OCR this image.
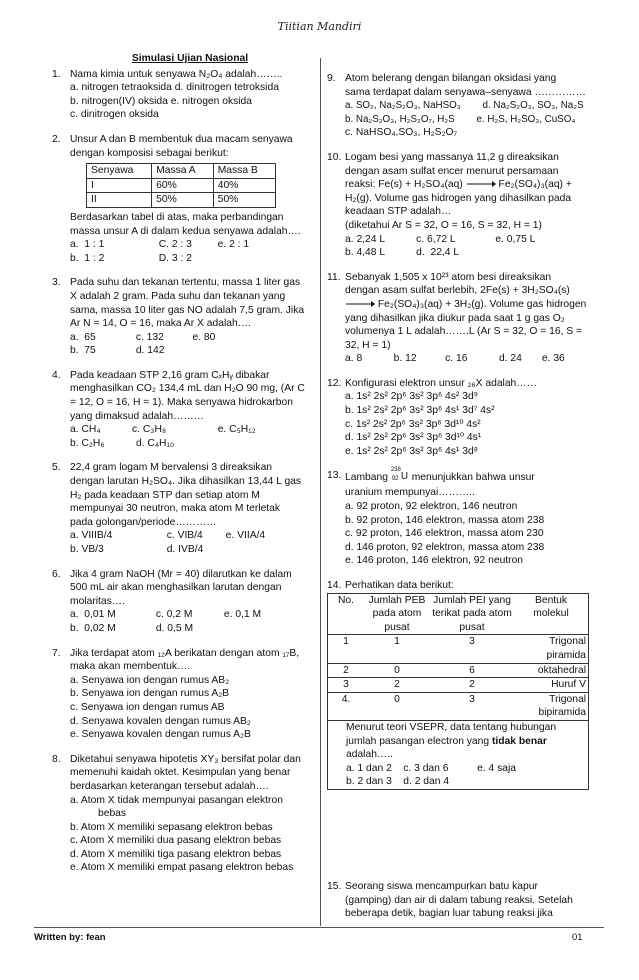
Tiitian Mandiri
Simulasi Ujian Nasional
1. Nama kimia untuk senyawa N₂O₄ adalah……..
a. nitrogen tetraoksida d. dinitrogen tetroksida
b. nitrogen(IV) oksida e. nitrogen oksida
c. dinitrogen oksida
2. Unsur A dan B membentuk dua macam senyawa
dengan komposisi sebagai berikut:
Senyawa	Massa A	Massa B
I	60%	40%
II	50%	50%
Berdasarkan tabel di atas, maka perbandingan
massa unsur A di dalam kedua senyawa adalah….
a.  1 : 1                   C. 2 : 3         e. 2 : 1
b.  1 : 2                   D. 3 : 2
3. Pada suhu dan tekanan tertentu, massa 1 liter gas
X adalah 2 gram. Pada suhu dan tekanan yang
sama, massa 10 liter gas NO adalah 7,5 gram. Jika
Ar N = 14, O = 16, maka Ar X adalah….
a.  65              c. 132          e. 80
b.  75              d. 142
4. Pada keadaan STP 2,16 gram CₓHᵧ dibakar
menghasilkan CO₂ 134,4 mL dan H₂O 90 mg, (Ar C
= 12, O = 16, H = 1). Maka senyawa hidrokarbon
yang dimaksud adalah………
a. CH₄           c. C₃H₈                  e. C₅H₁₂
b. C₂H₆           d. C₄H₁₀
5. 22,4 gram logam M bervalensi 3 direaksikan
dengan larutan H₂SO₄. Jika dihasilkan 13,44 L gas
H₂ pada keadaan STP dan setiap atom M
mempunyai 30 neutron, maka atom M terletak
pada golongan/periode…………
a. VIIIB/4                   c. VIB/4        e. VIIA/4
b. VB/3                      d. IVB/4
6. Jika 4 gram NaOH (Mr = 40) dilarutkan ke dalam
500 mL air akan menghasilkan larutan dengan
molaritas….
a.  0,01 M              c. 0,2 M           e. 0,1 M
b.  0,02 M              d. 0,5 M
7. Jika terdapat atom ₁₂A berikatan dengan atom ₁₇B,
maka akan membentuk….
a. Senyawa ion dengan rumus AB₂
b. Senyawa ion dengan rumus A₂B
c. Senyawa ion dengan rumus AB
d. Senyawa kovalen dengan rumus AB₂
e. Senyawa kovalen dengan rumus A₂B
8. Diketahui senyawa hipotetis XY₃ bersifat polar dan
memenuhi kaidah oktet. Kesimpulan yang benar
berdasarkan keterangan tersebut adalah….
a. Atom X tidak mempunyai pasangan elektron
bebas
b. Atom X memiliki sepasang elektron bebas
c. Atom X memiliki dua pasang elektron bebas
d. Atom X memiliki tiga pasang elektron bebas
e. Atom X memiliki empat pasang elektron bebas
9. Atom belerang dengan bilangan oksidasi yang
sama terdapat dalam senyawa–senyawa ……………
a. SO₂, Na₂S₂O₃, NaHSO₃        d. Na₂S₂O₃, SO₃, Na₂S
b. Na₂S₂O₃, H₂S₂O₇, H₂S        e. H₂S, H₂SO₃, CuSO₄
c. NaHSO₄,SO₃, H₂S₂O₇
10. Logam besi yang massanya 11,2 g direaksikan
dengan asam sulfat encer menurut persamaan
reaksi: Fe(s) + H₂SO₄(aq) → Fe₂(SO₄)₃(aq) +
H₂(g). Volume gas hidrogen yang dihasilkan pada
keadaan STP adalah…
(diketahui Ar S = 32, O = 16, S = 32, H = 1)
a. 2,24 L           c. 6,72 L              e. 0,75 L
b. 4,48 L           d.  22,4 L
11. Sebanyak 1,505 x 10²³ atom besi direaksikan
dengan asam sulfat berlebih, 2Fe(s) + 3H₂SO₄(s)
→ Fe₂(SO₄)₃(aq) + 3H₂(g). Volume gas hidrogen
yang dihasilkan jika diukur pada saat 1 g gas O₂
volumenya 1 L adalah…….L (Ar S = 32, O = 16, S =
32, H = 1)
a. 8           b. 12          c. 16           d. 24       e. 36
12. Konfigurasi elektron unsur ₂₆X adalah……
a. 1s² 2s² 2p⁶ 3s² 3p⁶ 4s² 3d⁹
b. 1s² 2s² 2p⁶ 3s² 3p⁶ 4s¹ 3d⁷ 4s²
c. 1s² 2s² 2p⁶ 3s² 3p⁶ 3d¹⁰ 4s²
d. 1s² 2s² 2p⁶ 3s² 3p⁶ 3d¹⁰ 4s¹
e. 1s² 2s² 2p⁶ 3s² 3p⁶ 4s¹ 3d⁸
13. Lambang
238
92 U menunjukkan bahwa unsur
uranium mempunyai………..
a. 92 proton, 92 elektron, 146 neutron
b. 92 proton, 146 elektron, massa atom 238
c. 92 proton, 146 elektron, massa atom 230
d. 146 proton, 92 elektron, massa atom 238
e. 146 proton, 146 elektron, 92 neutron
14. Perhatikan data berikut:
No.	Jumlah PEB pada atom pusat	Jumlah PEI yang terikat pada atom pusat	Bentuk molekul
1	1	3	Trigonal piramida
2	0	6	oktahedral
3	2	2	Huruf V
4.	0	3	Trigonal bipiramida

Menurut teori VSEPR, data tentang hubungan
jumlah pasangan electron yang tidak benar
adalah…..
a. 1 dan 2    c. 3 dan 6          e. 4 saja
b. 2 dan 3    d. 2 dan 4			
15. Seorang siswa mencampurkan batu kapur
(gamping) dan air di dalam tabung reaksi. Setelah
beberapa detik, bagian luar tabung reaksi jika
Written by: fean	01
